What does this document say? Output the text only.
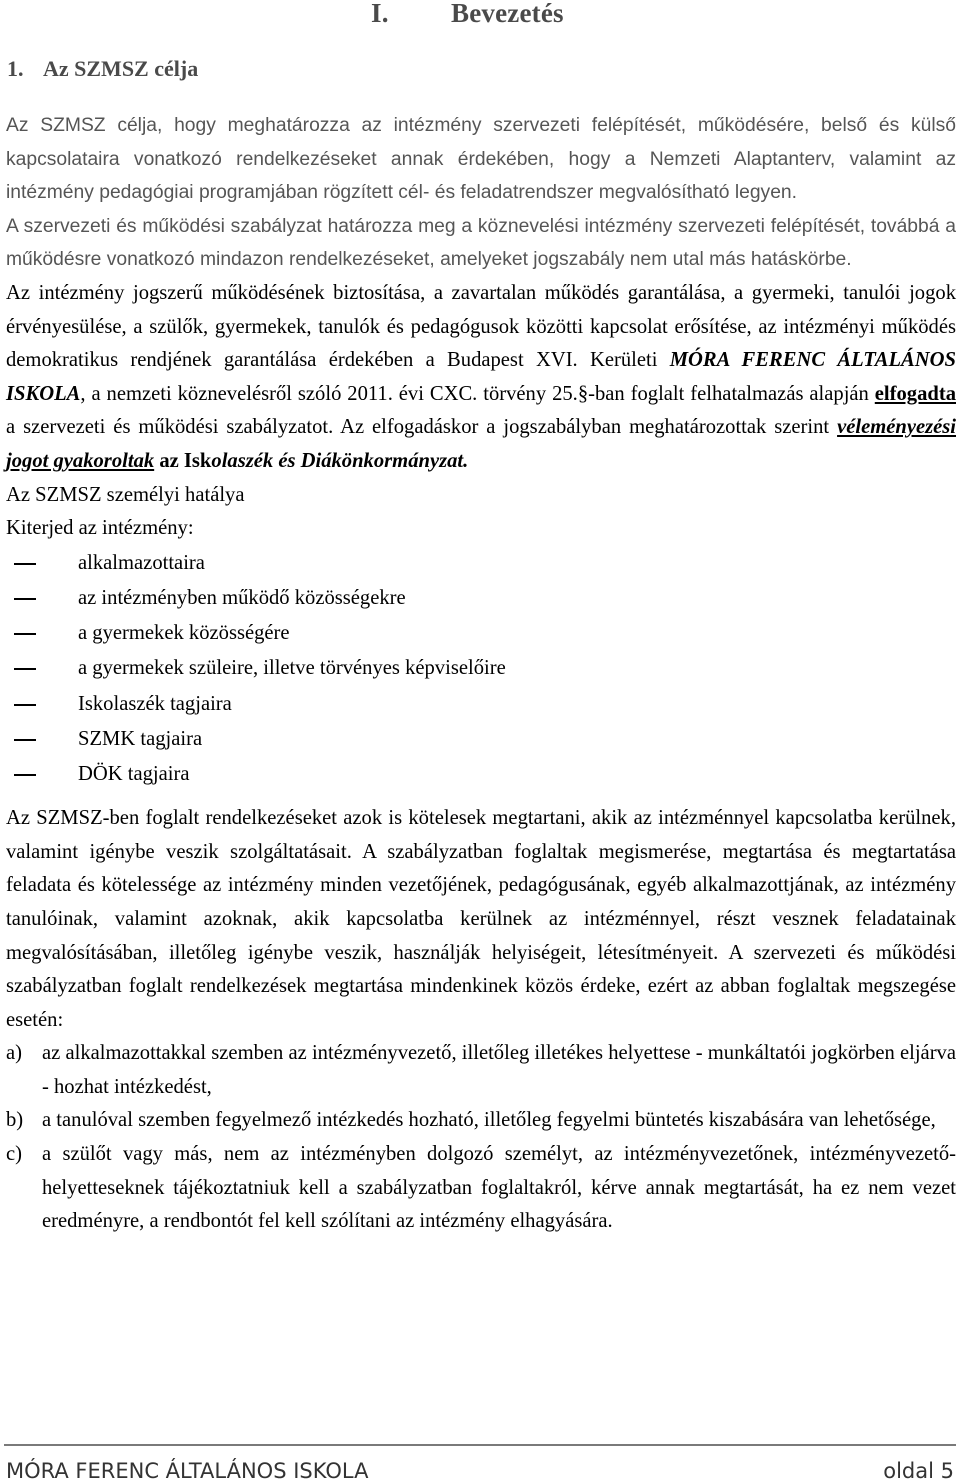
I. Bevezetés
1. Az SZMSZ célja

Az SZMSZ célja, hogy meghatározza az intézmény szervezeti felépítését, működésére, belső és külső kapcsolataira vonatkozó rendelkezéseket annak érdekében, hogy a Nemzeti Alaptanterv, valamint az intézmény pedagógiai programjában rögzített cél- és feladatrendszer megvalósítható legyen.

A szervezeti és működési szabályzat határozza meg a köznevelési intézmény szervezeti felépítését, továbbá a működésre vonatkozó mindazon rendelkezéseket, amelyeket jogszabály nem utal más hatáskörbe.

Az intézmény jogszerű működésének biztosítása, a zavartalan működés garantálása, a gyermeki, tanulói jogok érvényesülése, a szülők, gyermekek, tanulók és pedagógusok közötti kapcsolat erősítése, az intézményi működés demokratikus rendjének garantálása érdekében a Budapest XVI. Kerületi MÓRA FERENC ÁLTALÁNOS ISKOLA, a nemzeti köznevelésről szóló 2011. évi CXC. törvény 25.§-ban foglalt felhatalmazás alapján elfogadta a szervezeti és működési szabályzatot. Az elfogadáskor a jogszabályban meghatározottak szerint véleményezési jogot gyakoroltak az Iskolaszék és Diákönkormányzat.

Az SZMSZ személyi hatálya

Kiterjed az intézmény:

alkalmazottaira
az intézményben működő közösségekre
a gyermekek közösségére
a gyermekek szüleire, illetve törvényes képviselőire
Iskolaszék tagjaira
SZMK tagjaira
DÖK tagjaira

Az SZMSZ-ben foglalt rendelkezéseket azok is kötelesek megtartani, akik az intézménnyel kapcsolatba kerülnek, valamint igénybe veszik szolgáltatásait. A szabályzatban foglaltak megismerése, megtartása és megtartatása feladata és kötelessége az intézmény minden vezetőjének, pedagógusának, egyéb alkalmazottjának, az intézmény tanulóinak, valamint azoknak, akik kapcsolatba kerülnek az intézménnyel, részt vesznek feladatainak megvalósításában, illetőleg igénybe veszik, használják helyiségeit, létesítményeit. A szervezeti és működési szabályzatban foglalt rendelkezések megtartása mindenkinek közös érdeke, ezért az abban foglaltak megszegése esetén:

a) az alkalmazottakkal szemben az intézményvezető, illetőleg illetékes helyettese - munkáltatói jogkörben eljárva - hozhat intézkedést,
b) a tanulóval szemben fegyelmező intézkedés hozható, illetőleg fegyelmi büntetés kiszabására van lehetősége,
c) a szülőt vagy más, nem az intézményben dolgozó személyt, az intézményvezetőnek, intézményvezető-helyetteseknek tájékoztatniuk kell a szabályzatban foglaltakról, kérve annak megtartását, ha ez nem vezet eredményre, a rendbontót fel kell szólítani az intézmény elhagyására.
MÓRA FERENC ÁLTALÁNOS ISKOLA	oldal 5
